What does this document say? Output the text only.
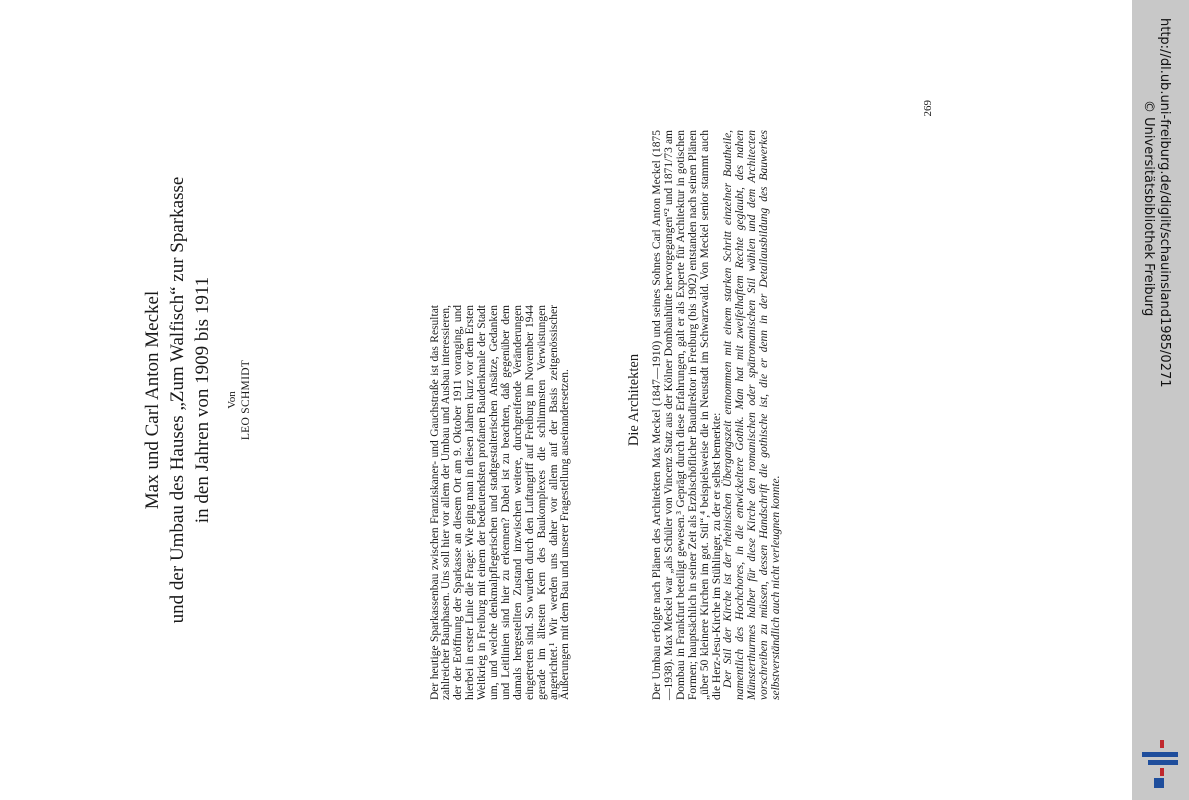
Max und Carl Anton Meckel und der Umbau des Hauses „Zum Walfisch“ zur Sparkasse in den Jahren von 1909 bis 1911 Von LEO SCHMIDT	Der heutige Sparkassenbau zwischen Franziskaner- und Gauchstraße ist das Resultat zahlreicher Bauphasen. Uns soll hier vor allem der Umbau und Ausbau interessieren, der der Eröffnung der Sparkasse an diesem Ort am 9. Oktober 1911 voranging, und hierbei in erster Linie die Frage: Wie ging man in diesen Jahren kurz vor dem Ersten Weltkrieg in Freiburg mit einem der bedeutendsten profanen Baudenkmale der Stadt um, und welche denkmalpflegerischen und stadtgestalterischen Ansätze, Gedanken und Leitlinien sind hier zu erkennen? Dabei ist zu beachten, daß gegenüber dem damals hergestellten Zustand inzwischen weitere, durchgreifende Veränderungen eingetreten sind. So wurden durch den Luftangriff auf Freiburg im November 1944 gerade im ältesten Kern des Baukomplexes die schlimmsten Verwüstungen angerichtet.¹ Wir werden uns daher vor allem auf der Basis zeitgenössischer Äußerungen mit dem Bau und unserer Fragestellung auseinandersetzen.	Die Architekten Der Umbau erfolgte nach Plänen des Architekten Max Meckel (1847—1910) und seines Sohnes Carl Anton Meckel (1875—1938). Max Meckel war „als Schüler von Vincenz Statz aus der Kölner Dombauhütte hervorgegangen“² und 1871/73 am Dombau in Frankfurt beteiligt gewesen.³ Geprägt durch diese Erfahrungen, galt er als Experte für Architektur in gotischen Formen; hauptsächlich in seiner Zeit als Erzbischöflicher Baudirektor in Freiburg (bis 1902) entstanden nach seinen Plänen „über 50 kleinere Kirchen im got. Stil“,⁴ beispielsweise die in Neustadt im Schwarzwald. Von Meckel senior stammt auch die Herz-Jesu-Kirche im Stühlinger, zu der er selbst bemerkte: Der Stil der Kirche ist der rheinischen Übergangszeit entnommen mit einem starken Schritt einzelner Bautheile, namentlich des Hochchores, in die entwickeltere Gothik. Man hat mit zweifelhaftem Rechte geglaubt, des nahen Münsterthurmes halber für diese Kirche den romanischen oder spätromanischen Stil wählen und dem Architecten vorschreiben zu müssen, dessen Handschrift die gothische ist, die er denn in der Detailausbildung des Bauwerkes selbstverständlich auch nicht verleugnen konnte.
269	http://dl.ub.uni-freiburg.de/diglit/schauinsland1985/0271
© Universitätsbibliothek Freiburg
